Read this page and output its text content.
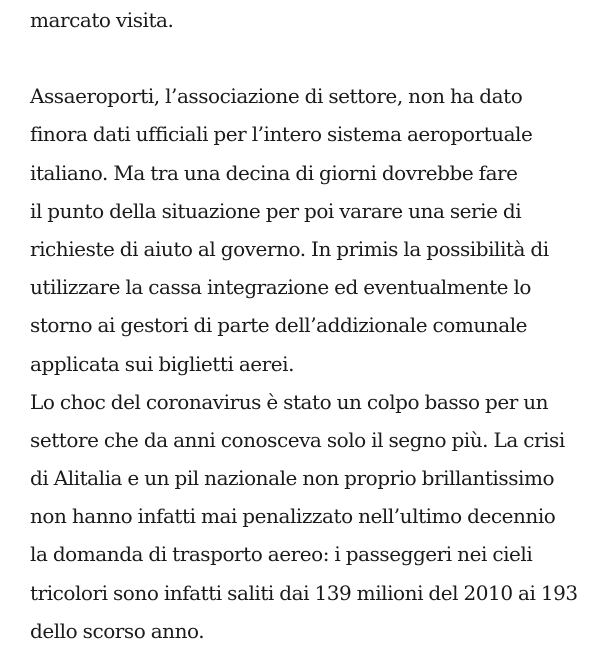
marcato visita.

Assaeroporti, l’associazione di settore, non ha dato
finora dati ufficiali per l’intero sistema aeroportuale
italiano. Ma tra una decina di giorni dovrebbe fare
il punto della situazione per poi varare una serie di
richieste di aiuto al governo. In primis la possibilità di
utilizzare la cassa integrazione ed eventualmente lo
storno ai gestori di parte dell’addizionale comunale
applicata sui biglietti aerei.

Lo choc del coronavirus è stato un colpo basso per un
settore che da anni conosceva solo il segno più. La crisi
di Alitalia e un pil nazionale non proprio brillantissimo
non hanno infatti mai penalizzato nell’ultimo decennio
la domanda di trasporto aereo: i passeggeri nei cieli
tricolori sono infatti saliti dai 139 milioni del 2010 ai 193
dello scorso anno.
